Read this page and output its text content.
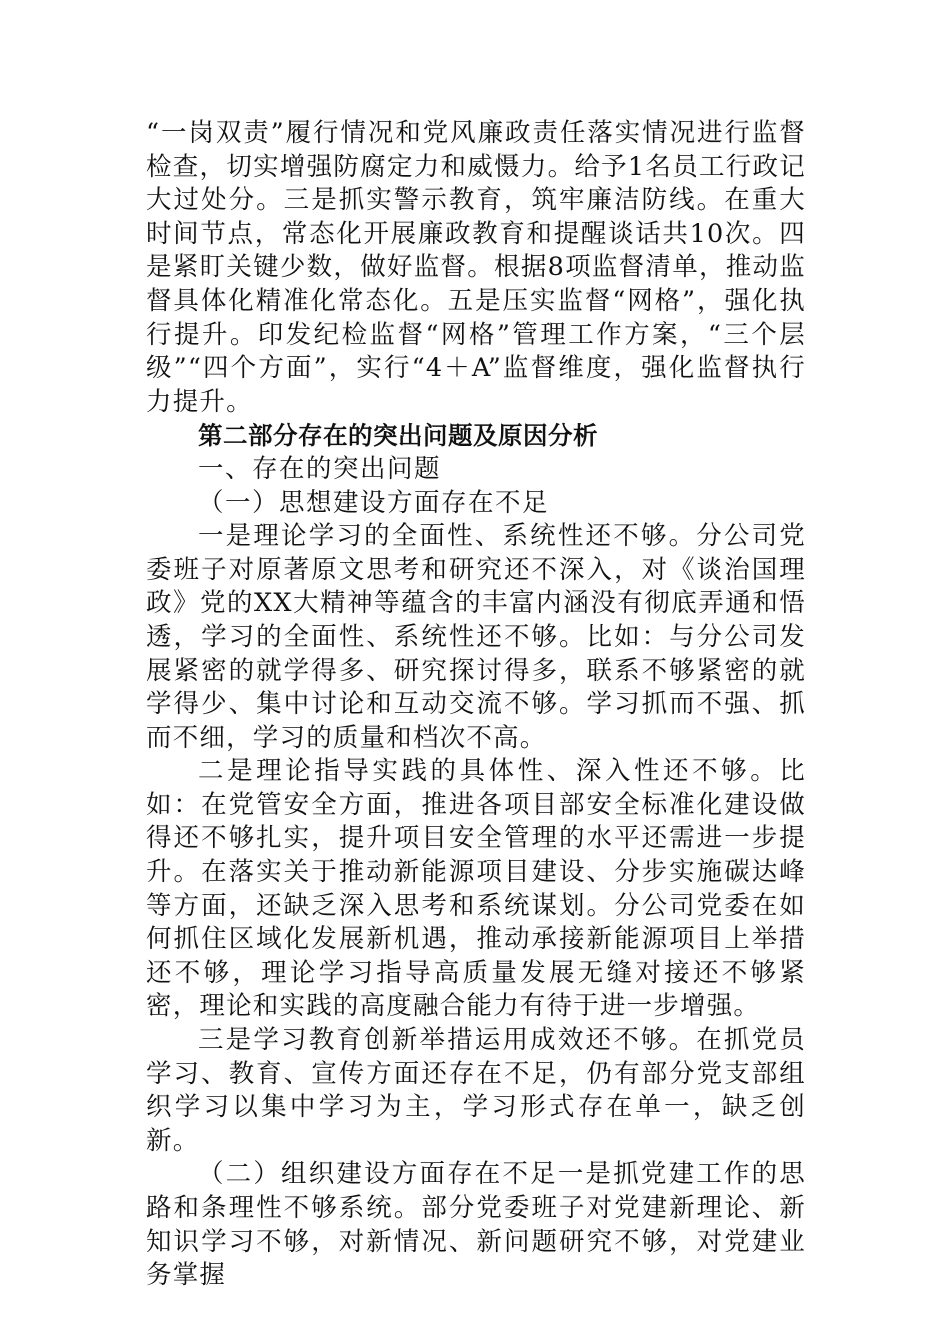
“一岗双责”履行情况和党风廉政责任落实情况进行监督检查，切实增强防腐定力和威慑力。给予1名员工行政记大过处分。三是抓实警示教育，筑牢廉洁防线。在重大时间节点，常态化开展廉政教育和提醒谈话共10次。四是紧盯关键少数，做好监督。根据8项监督清单，推动监督具体化精准化常态化。五是压实监督“网格”，强化执行提升。印发纪检监督“网格”管理工作方案，“三个层级”“四个方面”，实行“4＋A”监督维度，强化监督执行力提升。

第二部分存在的突出问题及原因分析

一、存在的突出问题

（一）思想建设方面存在不足

一是理论学习的全面性、系统性还不够。分公司党委班子对原著原文思考和研究还不深入，对《谈治国理政》党的XX大精神等蕴含的丰富内涵没有彻底弄通和悟透，学习的全面性、系统性还不够。比如：与分公司发展紧密的就学得多、研究探讨得多，联系不够紧密的就学得少、集中讨论和互动交流不够。学习抓而不强、抓而不细，学习的质量和档次不高。

二是理论指导实践的具体性、深入性还不够。比如：在党管安全方面，推进各项目部安全标准化建设做得还不够扎实，提升项目安全管理的水平还需进一步提升。在落实关于推动新能源项目建设、分步实施碳达峰等方面，还缺乏深入思考和系统谋划。分公司党委在如何抓住区域化发展新机遇，推动承接新能源项目上举措还不够，理论学习指导高质量发展无缝对接还不够紧密，理论和实践的高度融合能力有待于进一步增强。

三是学习教育创新举措运用成效还不够。在抓党员学习、教育、宣传方面还存在不足，仍有部分党支部组织学习以集中学习为主，学习形式存在单一，缺乏创新。

（二）组织建设方面存在不足一是抓党建工作的思路和条理性不够系统。部分党委班子对党建新理论、新知识学习不够，对新情况、新问题研究不够，对党建业务掌握
